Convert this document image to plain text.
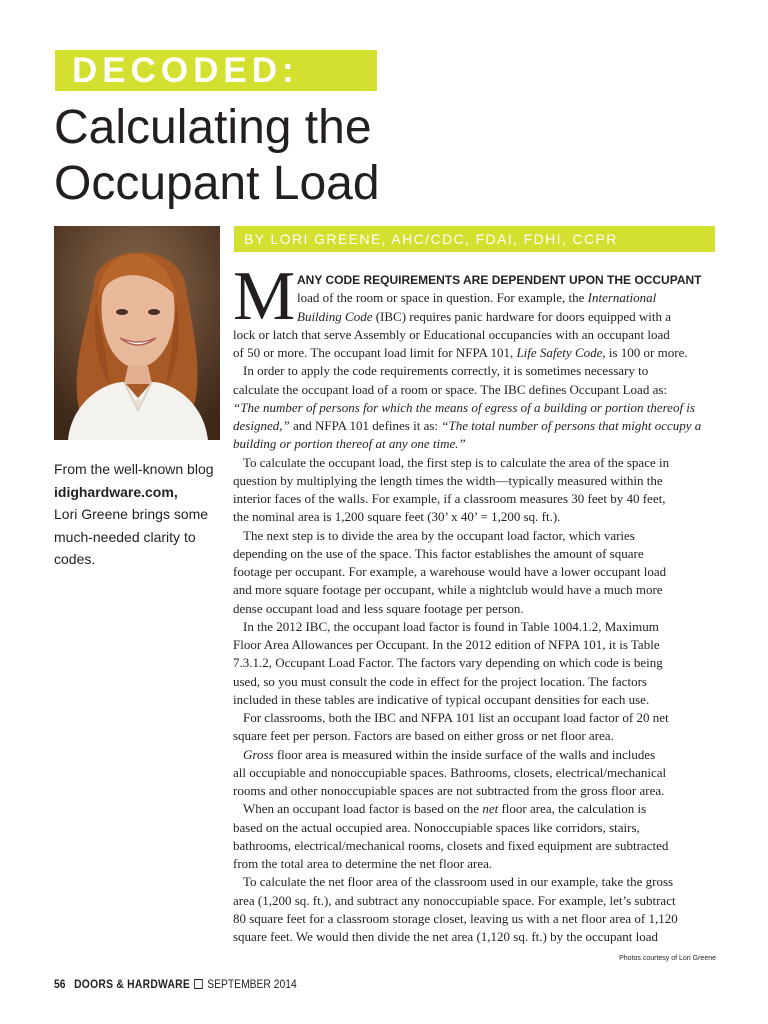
DECODED:
Calculating the Occupant Load
From the well-known blog
idighardware.com,
Lori Greene brings some
much-needed clarity to
codes.
BY LORI GREENE, AHC/CDC, FDAI, FDHI, CCPR
M ANY CODE REQUIREMENTS ARE DEPENDENT UPON THE OCCUPANT
load of the room or space in question. For example, the International
Building Code (IBC) requires panic hardware for doors equipped with a
lock or latch that serve Assembly or Educational occupancies with an occupant load
of 50 or more. The occupant load limit for NFPA 101, Life Safety Code, is 100 or more.
In order to apply the code requirements correctly, it is sometimes necessary to
calculate the occupant load of a room or space. The IBC defines Occupant Load as:
“The number of persons for which the means of egress of a building or portion thereof is
designed,” and NFPA 101 defines it as: “The total number of persons that might occupy a
building or portion thereof at any one time.”
To calculate the occupant load, the first step is to calculate the area of the space in
question by multiplying the length times the width—typically measured within the
interior faces of the walls. For example, if a classroom measures 30 feet by 40 feet,
the nominal area is 1,200 square feet (30’ x 40’ = 1,200 sq. ft.).
The next step is to divide the area by the occupant load factor, which varies
depending on the use of the space. This factor establishes the amount of square
footage per occupant. For example, a warehouse would have a lower occupant load
and more square footage per occupant, while a nightclub would have a much more
dense occupant load and less square footage per person.
In the 2012 IBC, the occupant load factor is found in Table 1004.1.2, Maximum
Floor Area Allowances per Occupant. In the 2012 edition of NFPA 101, it is Table
7.3.1.2, Occupant Load Factor. The factors vary depending on which code is being
used, so you must consult the code in effect for the project location. The factors
included in these tables are indicative of typical occupant densities for each use.
For classrooms, both the IBC and NFPA 101 list an occupant load factor of 20 net
square feet per person. Factors are based on either gross or net floor area.
Gross floor area is measured within the inside surface of the walls and includes
all occupiable and nonoccupiable spaces. Bathrooms, closets, electrical/mechanical
rooms and other nonoccupiable spaces are not subtracted from the gross floor area.
When an occupant load factor is based on the net floor area, the calculation is
based on the actual occupied area. Nonoccupiable spaces like corridors, stairs,
bathrooms, electrical/mechanical rooms, closets and fixed equipment are subtracted
from the total area to determine the net floor area.
To calculate the net floor area of the classroom used in our example, take the gross
area (1,200 sq. ft.), and subtract any nonoccupiable space. For example, let’s subtract
80 square feet for a classroom storage closet, leaving us with a net floor area of 1,120
square feet. We would then divide the net area (1,120 sq. ft.) by the occupant load
Photos courtesy of Lori Greene
56 DOORS & HARDWARE SEPTEMBER 2014
